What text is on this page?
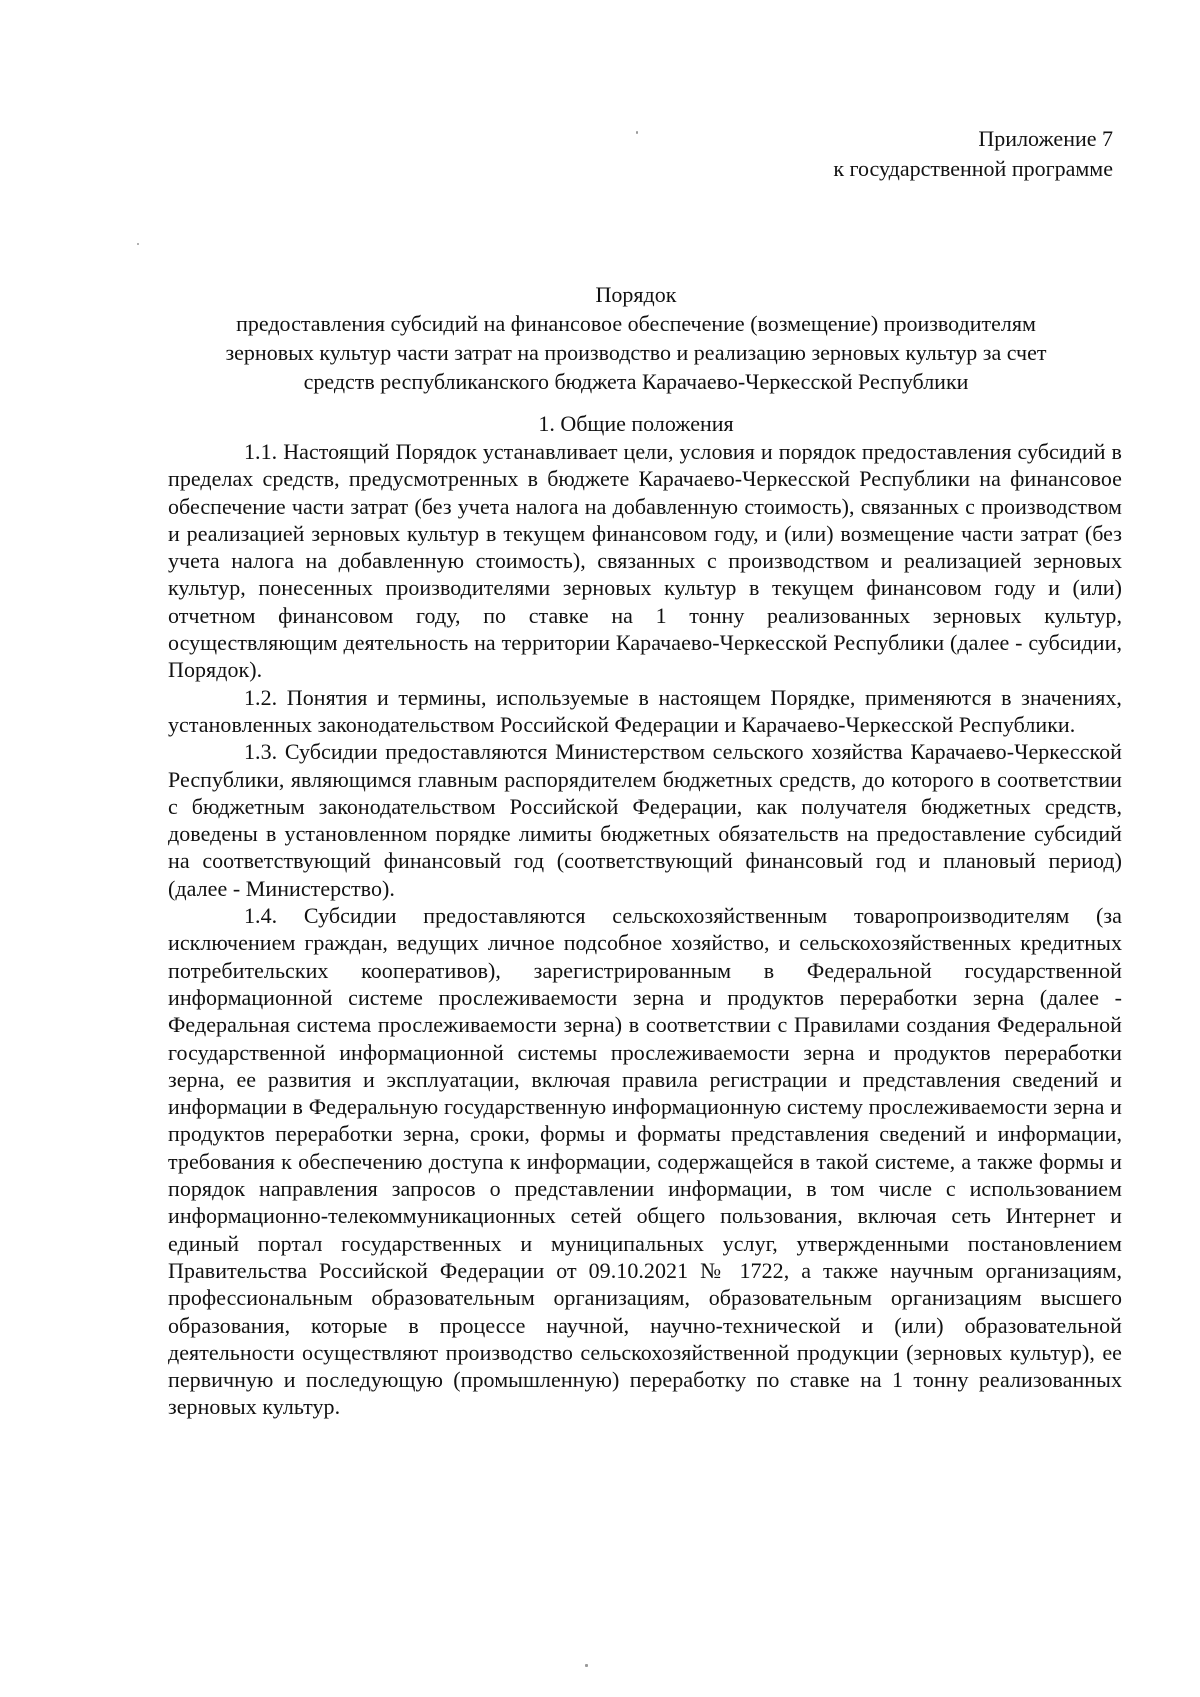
Приложение 7
к государственной программе
Порядок
предоставления субсидий на финансовое обеспечение (возмещение) производителям
зерновых культур части затрат на производство и реализацию зерновых культур за счет
средств республиканского бюджета Карачаево-Черкесской Республики
1. Общие положения

1.1. Настоящий Порядок устанавливает цели, условия и порядок предоставления субсидий в пределах средств, предусмотренных в бюджете Карачаево-Черкесской Республики на финансовое обеспечение части затрат (без учета налога на добавленную стоимость), связанных с производством и реализацией зерновых культур в текущем финансовом году, и (или) возмещение части затрат (без учета налога на добавленную стоимость), связанных с производством и реализацией зерновых культур, понесенных производителями зерновых культур в текущем финансовом году и (или) отчетном финансовом году, по ставке на 1 тонну реализованных зерновых культур, осуществляющим деятельность на территории Карачаево-Черкесской Республики (далее - субсидии, Порядок).

1.2. Понятия и термины, используемые в настоящем Порядке, применяются в значениях, установленных законодательством Российской Федерации и Карачаево-Черкесской Республики.

1.3. Субсидии предоставляются Министерством сельского хозяйства Карачаево-Черкесской Республики, являющимся главным распорядителем бюджетных средств, до которого в соответствии с бюджетным законодательством Российской Федерации, как получателя бюджетных средств, доведены в установленном порядке лимиты бюджетных обязательств на предоставление субсидий на соответствующий финансовый год (соответствующий финансовый год и плановый период) (далее - Министерство).

1.4. Субсидии предоставляются сельскохозяйственным товаропроизводителям (за исключением граждан, ведущих личное подсобное хозяйство, и сельскохозяйственных кредитных потребительских кооперативов), зарегистрированным в Федеральной государственной информационной системе прослеживаемости зерна и продуктов переработки зерна (далее - Федеральная система прослеживаемости зерна) в соответствии с Правилами создания Федеральной государственной информационной системы прослеживаемости зерна и продуктов переработки зерна, ее развития и эксплуатации, включая правила регистрации и представления сведений и информации в Федеральную государственную информационную систему прослеживаемости зерна и продуктов переработки зерна, сроки, формы и форматы представления сведений и информации, требования к обеспечению доступа к информации, содержащейся в такой системе, а также формы и порядок направления запросов о представлении информации, в том числе с использованием информационно-телекоммуникационных сетей общего пользования, включая сеть Интернет и единый портал государственных и муниципальных услуг, утвержденными постановлением Правительства Российской Федерации от 09.10.2021 № 1722, а также научным организациям, профессиональным образовательным организациям, образовательным организациям высшего образования, которые в процессе научной, научно-технической и (или) образовательной деятельности осуществляют производство сельскохозяйственной продукции (зерновых культур), ее первичную и последующую (промышленную) переработку по ставке на 1 тонну реализованных зерновых культур.
